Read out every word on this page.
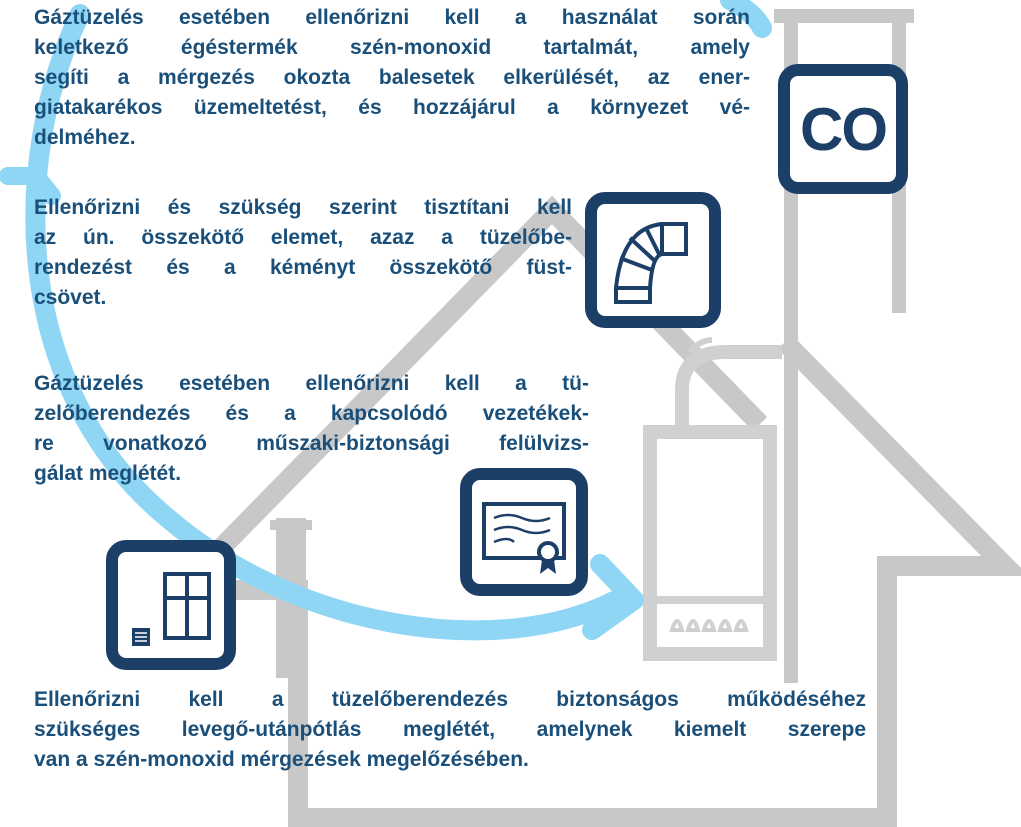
CO
Gáztüzelés esetében ellenőrizni kell a használat során
keletkező égéstermék szén-monoxid tartalmát, amely
segíti a mérgezés okozta balesetek elkerülését, az ener-
giatakarékos üzemeltetést, és hozzájárul a környezet vé-
delméhez.
Ellenőrizni és szükség szerint tisztítani kell
az ún. összekötő elemet, azaz a tüzelőbe-
rendezést és a kéményt összekötő füst-
csövet.
Gáztüzelés esetében ellenőrizni kell a tü-
zelőberendezés és a kapcsolódó vezetékek-
re vonatkozó műszaki-biztonsági felülvizs-
gálat meglétét.
Ellenőrizni kell a tüzelőberendezés biztonságos működéséhez
szükséges levegő-utánpótlás meglétét, amelynek kiemelt szerepe
van a szén-monoxid mérgezések megelőzésében.
